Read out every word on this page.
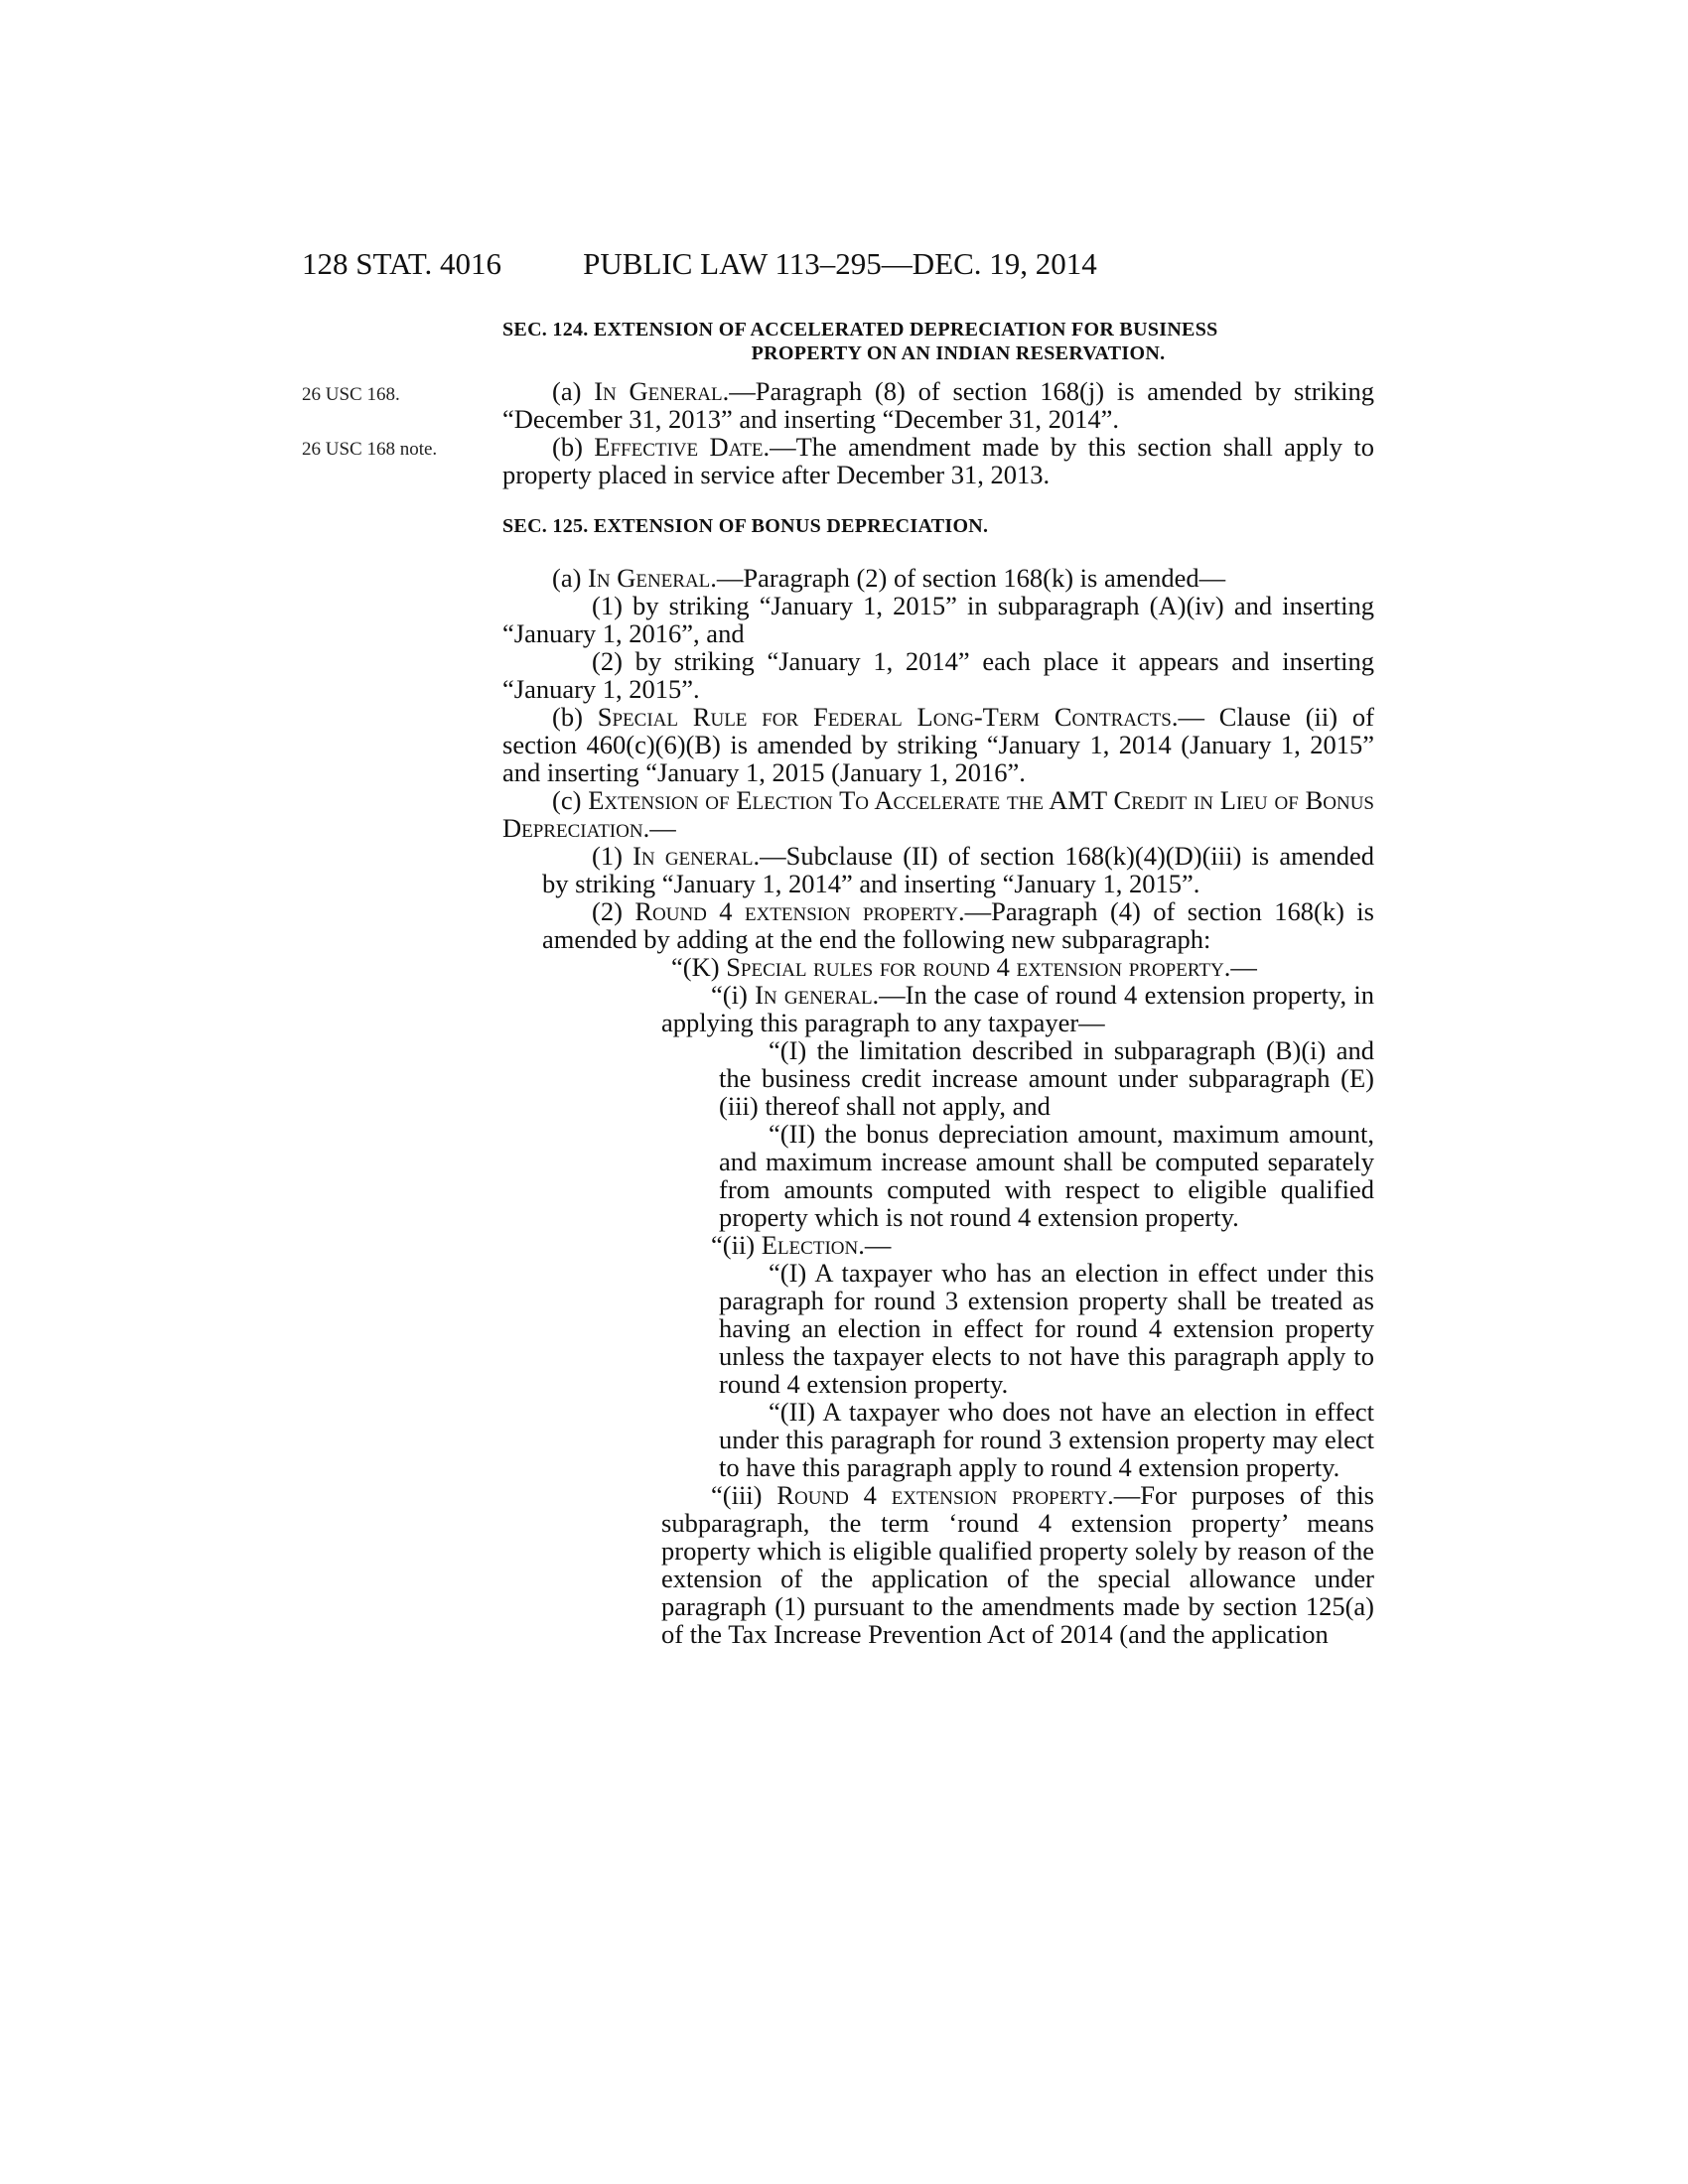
128 STAT. 4016	PUBLIC LAW 113–295—DEC. 19, 2014
26 USC 168.
26 USC 168 note.
SEC. 124. EXTENSION OF ACCELERATED DEPRECIATION FOR BUSINESS
PROPERTY ON AN INDIAN RESERVATION.

(a) In General.—Paragraph (8) of section 168(j) is amended by striking “December 31, 2013” and inserting “December 31, 2014”.

(b) Effective Date.—The amendment made by this section shall apply to property placed in service after December 31, 2013.

SEC. 125. EXTENSION OF BONUS DEPRECIATION.

(a) In General.—Paragraph (2) of section 168(k) is amended—

(1) by striking “January 1, 2015” in subparagraph (A)(iv) and inserting “January 1, 2016”, and

(2) by striking “January 1, 2014” each place it appears and inserting “January 1, 2015”.

(b) Special Rule for Federal Long-Term Contracts.— Clause (ii) of section 460(c)(6)(B) is amended by striking “January 1, 2014 (January 1, 2015” and inserting “January 1, 2015 (January 1, 2016”.

(c) Extension of Election To Accelerate the AMT Credit in Lieu of Bonus Depreciation.—

(1) In general.—Subclause (II) of section 168(k)(4)(D)(iii) is amended by striking “January 1, 2014” and inserting “January 1, 2015”.

(2) Round 4 extension property.—Paragraph (4) of section 168(k) is amended by adding at the end the following new subparagraph:

“(K) Special rules for round 4 extension property.—

“(i) In general.—In the case of round 4 extension property, in applying this paragraph to any taxpayer—

“(I) the limitation described in subparagraph (B)(i) and the business credit increase amount under subparagraph (E)(iii) thereof shall not apply, and

“(II) the bonus depreciation amount, maximum amount, and maximum increase amount shall be computed separately from amounts computed with respect to eligible qualified property which is not round 4 extension property.

“(ii) Election.—

“(I) A taxpayer who has an election in effect under this paragraph for round 3 extension property shall be treated as having an election in effect for round 4 extension property unless the taxpayer elects to not have this paragraph apply to round 4 extension property.

“(II) A taxpayer who does not have an election in effect under this paragraph for round 3 extension property may elect to have this paragraph apply to round 4 extension property.

“(iii) Round 4 extension property.—For purposes of this subparagraph, the term ‘round 4 extension property’ means property which is eligible qualified property solely by reason of the extension of the application of the special allowance under paragraph (1) pursuant to the amendments made by section 125(a) of the Tax Increase Prevention Act of 2014 (and the application
